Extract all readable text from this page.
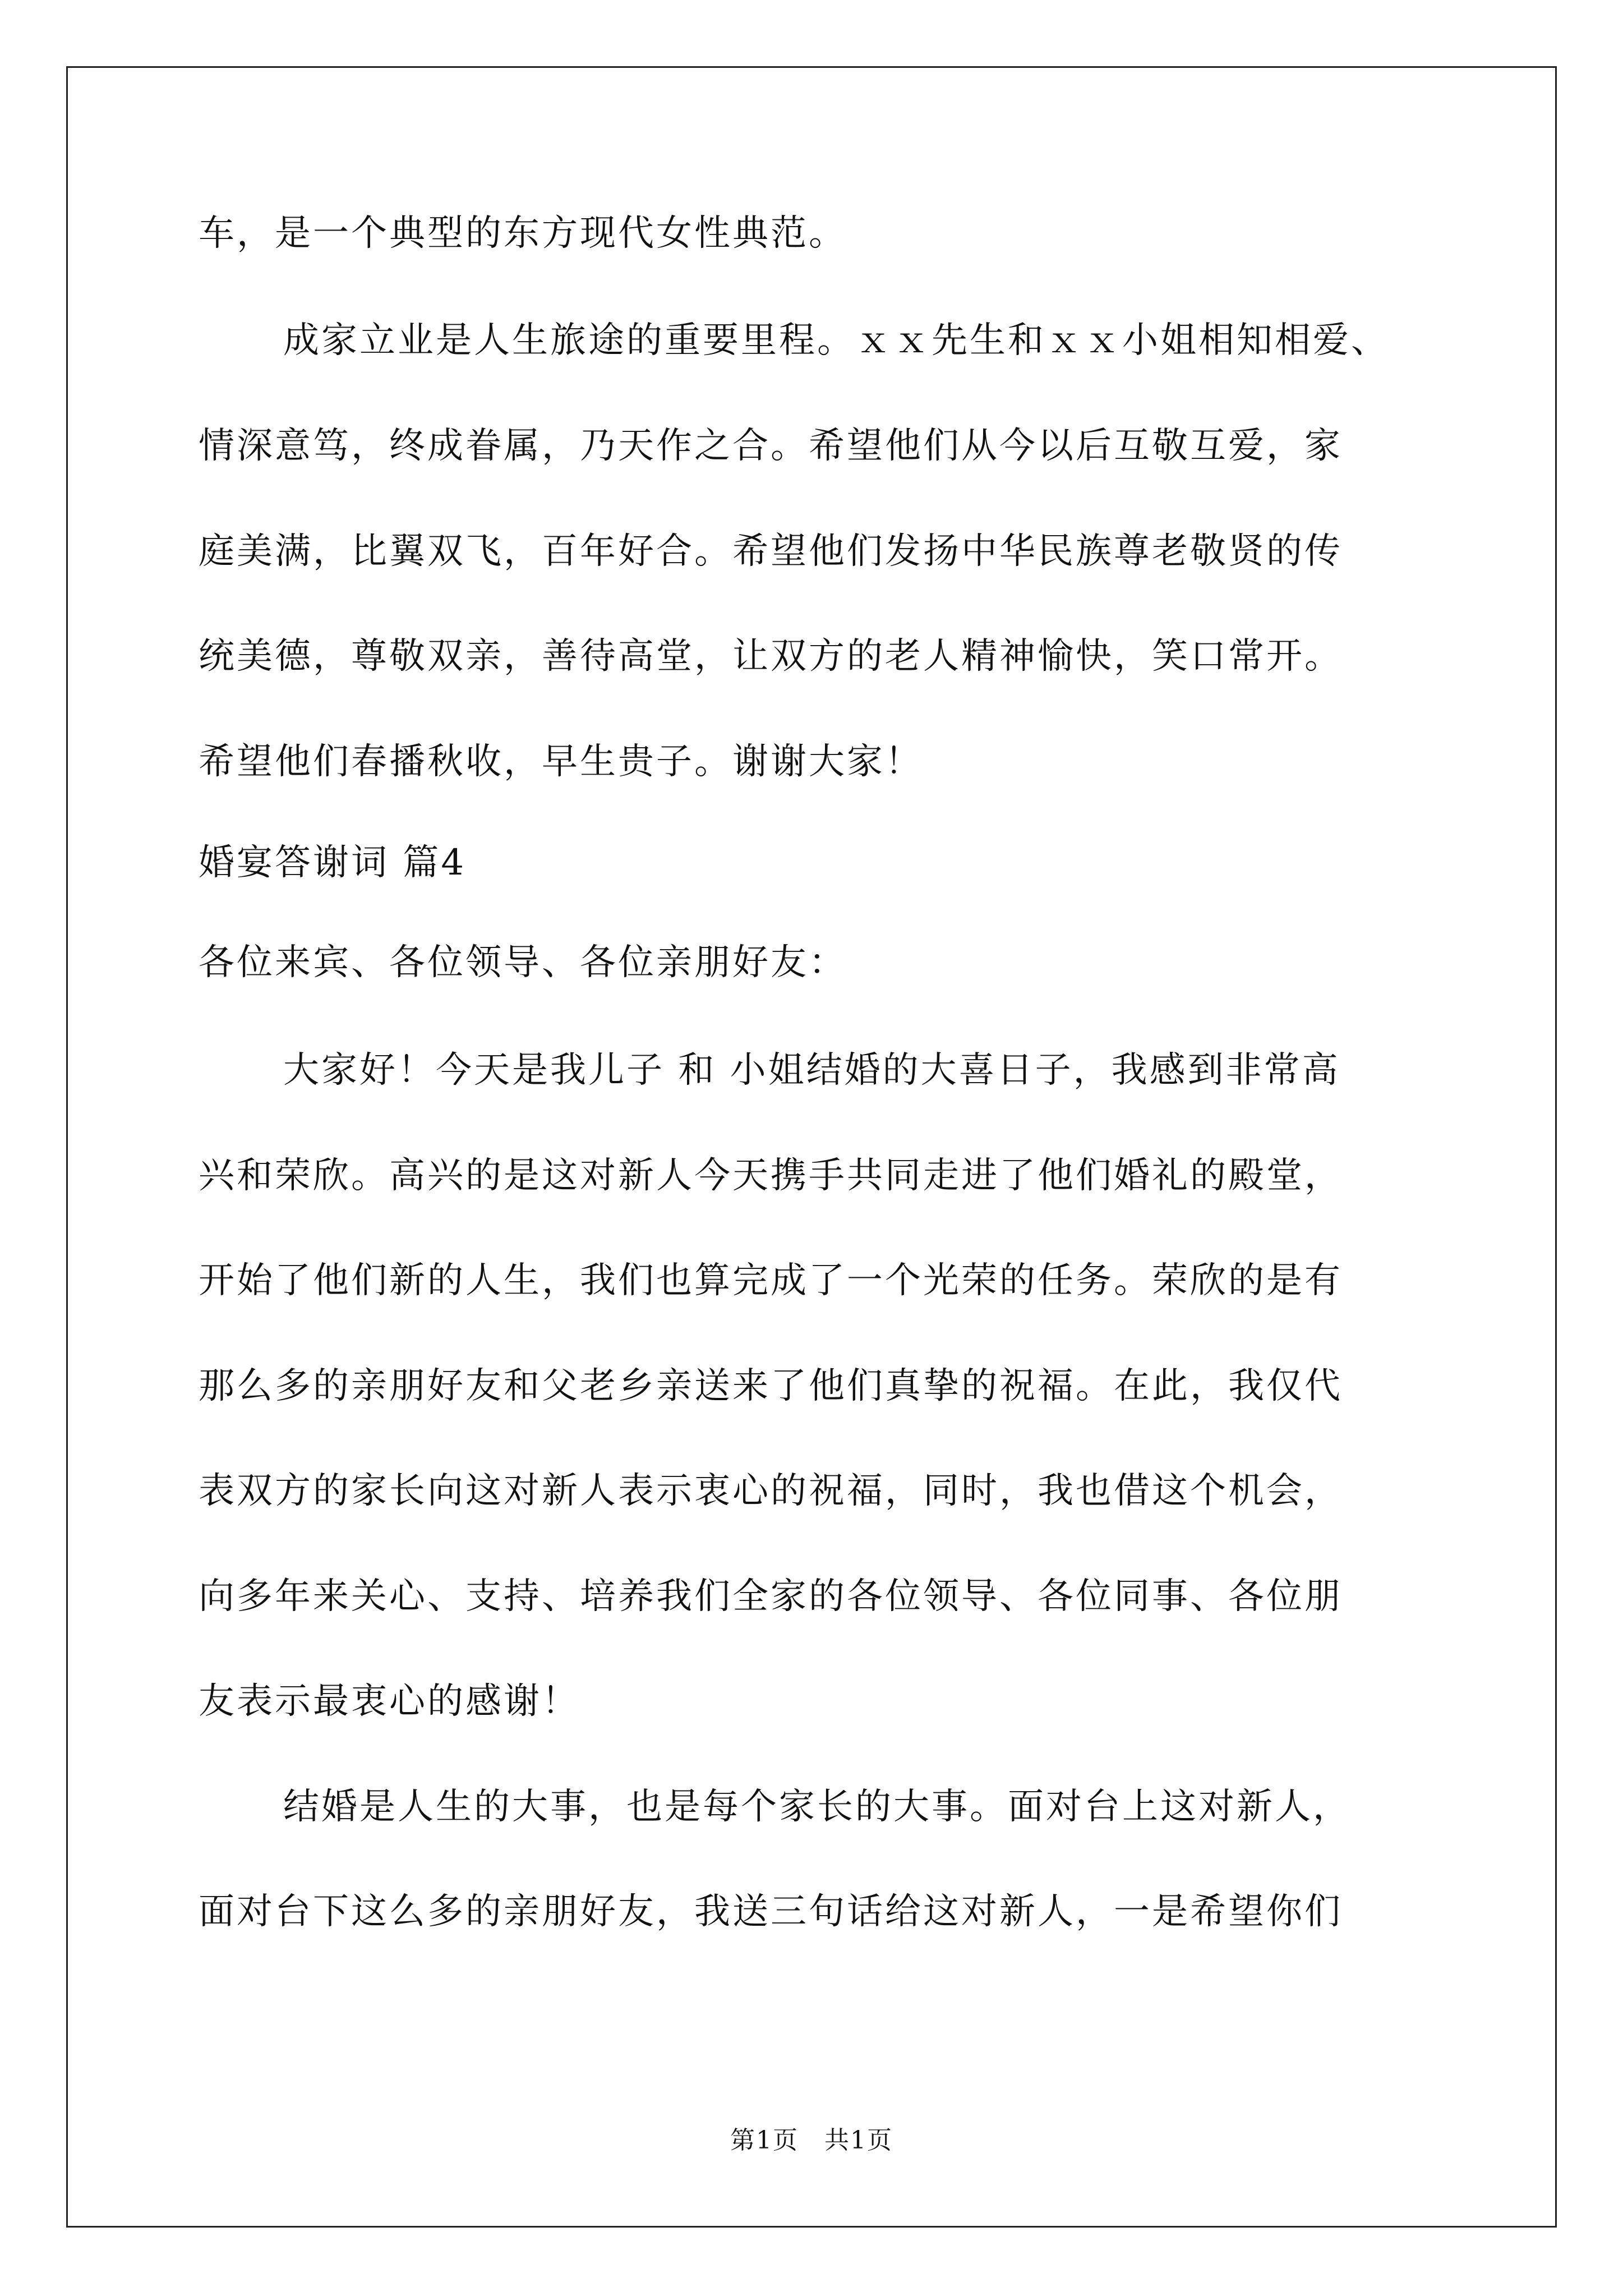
车，是一个典型的东方现代女性典范。
成家立业是人生旅途的重要里程。ｘｘ先生和ｘｘ小姐相知相爱、
情深意笃，终成眷属，乃天作之合。希望他们从今以后互敬互爱，家
庭美满，比翼双飞，百年好合。希望他们发扬中华民族尊老敬贤的传
统美德，尊敬双亲，善待高堂，让双方的老人精神愉快，笑口常开。
希望他们春播秋收，早生贵子。谢谢大家！
婚宴答谢词 篇4
各位来宾、各位领导、各位亲朋好友：
大家好！今天是我儿子 和 小姐结婚的大喜日子，我感到非常高
兴和荣欣。高兴的是这对新人今天携手共同走进了他们婚礼的殿堂，
开始了他们新的人生，我们也算完成了一个光荣的任务。荣欣的是有
那么多的亲朋好友和父老乡亲送来了他们真挚的祝福。在此，我仅代
表双方的家长向这对新人表示衷心的祝福，同时，我也借这个机会，
向多年来关心、支持、培养我们全家的各位领导、各位同事、各位朋
友表示最衷心的感谢！
结婚是人生的大事，也是每个家长的大事。面对台上这对新人，
面对台下这么多的亲朋好友，我送三句话给这对新人，一是希望你们
第1页　共1页
